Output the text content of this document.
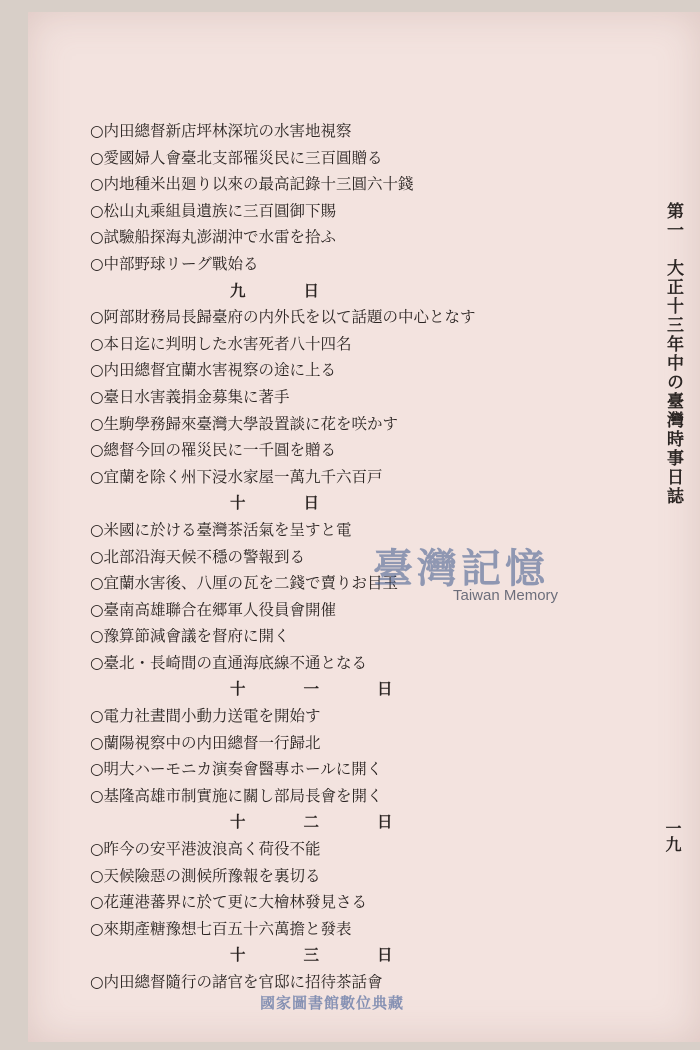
○内田總督新店坪林深坑の水害地視察
○愛國婦人會臺北支部罹災民に三百圓贈る
○内地種米出廻り以來の最高記錄十三圓六十錢
○松山丸乘組員遺族に三百圓御下賜
○試驗船探海丸澎湖沖で水雷を拾ふ
○中部野球リーグ戰始る
九日
○阿部財務局長歸臺府の内外氏を以て話題の中心となす
○本日迄に判明した水害死者八十四名
○内田總督宜蘭水害視察の途に上る
○臺日水害義捐金募集に著手
○生駒學務歸來臺灣大學設置談に花を咲かす
○總督今回の罹災民に一千圓を贈る
○宜蘭を除く州下浸水家屋一萬九千六百戸
十日
○米國に於ける臺灣茶活氣を呈すと電
○北部沿海天候不穩の警報到る
○宜蘭水害後、八厘の瓦を二錢で賣りお目玉
○臺南高雄聯合在郷軍人役員會開催
○豫算節減會議を督府に開く
○臺北・長崎間の直通海底線不通となる
十一日
○電力社晝間小動力送電を開始す
○蘭陽視察中の内田總督一行歸北
○明大ハーモニカ演奏會醫專ホールに開く
○基隆高雄市制實施に關し部局長會を開く
十二日
○昨今の安平港波浪高く荷役不能
○天候險惡の測候所豫報を裏切る
○花蓮港蕃界に於て更に大檜林發見さる
○來期產糖豫想七百五十六萬擔と發表
十三日
○内田總督隨行の諸官を官邸に招待茶話會
第一　大正十三年中の臺灣時事日誌
一九
臺灣記憶
Taiwan Memory
國家圖書館數位典藏
